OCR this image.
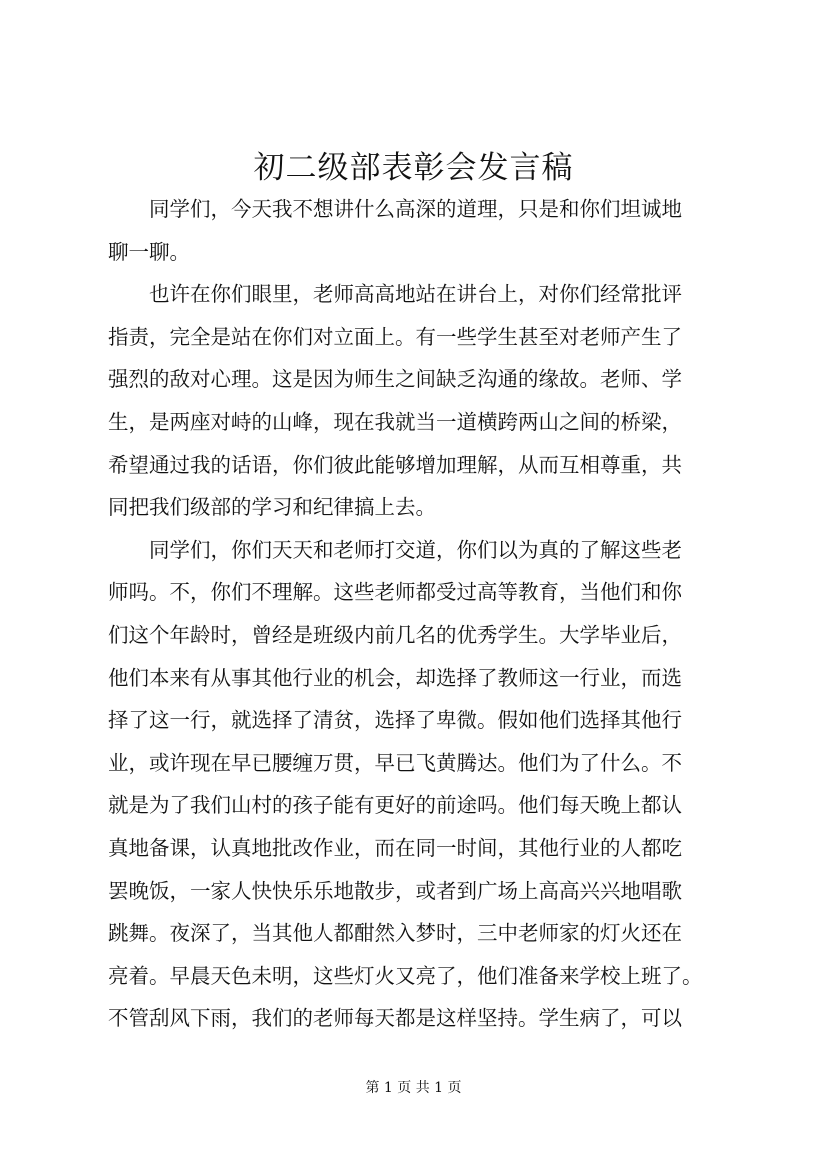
初二级部表彰会发言稿

同学们，今天我不想讲什么高深的道理，只是和你们坦诚地
聊一聊。

也许在你们眼里，老师高高地站在讲台上，对你们经常批评
指责，完全是站在你们对立面上。有一些学生甚至对老师产生了
强烈的敌对心理。这是因为师生之间缺乏沟通的缘故。老师、学
生，是两座对峙的山峰，现在我就当一道横跨两山之间的桥梁，
希望通过我的话语，你们彼此能够增加理解，从而互相尊重，共
同把我们级部的学习和纪律搞上去。

同学们，你们天天和老师打交道，你们以为真的了解这些老
师吗。不，你们不理解。这些老师都受过高等教育，当他们和你
们这个年龄时，曾经是班级内前几名的优秀学生。大学毕业后，
他们本来有从事其他行业的机会，却选择了教师这一行业，而选
择了这一行，就选择了清贫，选择了卑微。假如他们选择其他行
业，或许现在早已腰缠万贯，早已飞黄腾达。他们为了什么。不
就是为了我们山村的孩子能有更好的前途吗。他们每天晚上都认
真地备课，认真地批改作业，而在同一时间，其他行业的人都吃
罢晚饭，一家人快快乐乐地散步，或者到广场上高高兴兴地唱歌
跳舞。夜深了，当其他人都酣然入梦时，三中老师家的灯火还在
亮着。早晨天色未明，这些灯火又亮了，他们准备来学校上班了。
不管刮风下雨，我们的老师每天都是这样坚持。学生病了，可以

第 1 页 共 1 页
